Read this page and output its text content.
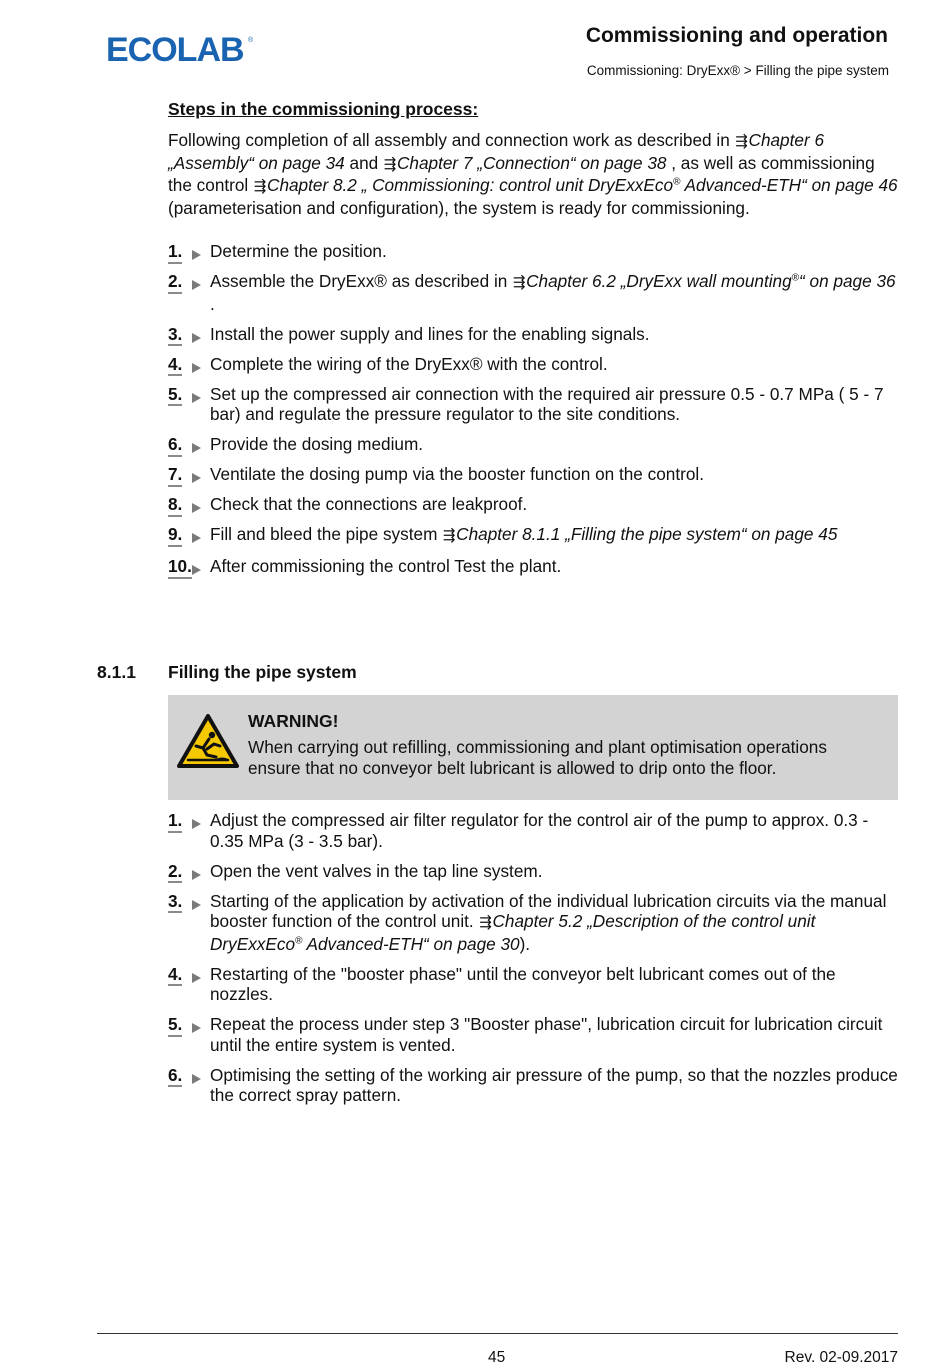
ECOLAB ®	Commissioning and operation
Commissioning: DryExx® > Filling the pipe system
Steps in the commissioning process:
Following completion of all assembly and connection work as described in ⇶Chapter 6 „Assembly“ on page 34 and ⇶Chapter 7 „Connection“ on page 38 , as well as commissioning the control ⇶Chapter 8.2 „ Commissioning: control unit DryExxEco® Advanced-ETH“ on page 46 (parameterisation and configuration), the system is ready for commissioning.
1.	Determine the position.
2.	Assemble the DryExx® as described in ⇶Chapter 6.2 „DryExx wall mounting®“ on page 36 .
3.	Install the power supply and lines for the enabling signals.
4.	Complete the wiring of the DryExx® with the control.
5.	Set up the compressed air connection with the required air pressure 0.5 - 0.7 MPa ( 5 - 7 bar) and regulate the pressure regulator to the site conditions.
6.	Provide the dosing medium.
7.	Ventilate the dosing pump via the booster function on the control.
8.	Check that the connections are leakproof.
9.	Fill and bleed the pipe system ⇶Chapter 8.1.1 „Filling the pipe system“ on page 45
10.	After commissioning the control Test the plant.
8.1.1 Filling the pipe system
WARNING!
When carrying out refilling, commissioning and plant optimisation operations ensure that no conveyor belt lubricant is allowed to drip onto the floor.
1.	Adjust the compressed air filter regulator for the control air of the pump to approx. 0.3 - 0.35 MPa (3 - 3.5 bar).
2.	Open the vent valves in the tap line system.
3.	Starting of the application by activation of the individual lubrication circuits via the manual booster function of the control unit. ⇶Chapter 5.2 „Description of the control unit DryExxEco® Advanced-ETH“ on page 30).
4.	Restarting of the "booster phase" until the conveyor belt lubricant comes out of the nozzles.
5.	Repeat the process under step 3 "Booster phase", lubrication circuit for lubrication circuit until the entire system is vented.
6.	Optimising the setting of the working air pressure of the pump, so that the nozzles produce the correct spray pattern.
45	Rev. 02-09.2017
